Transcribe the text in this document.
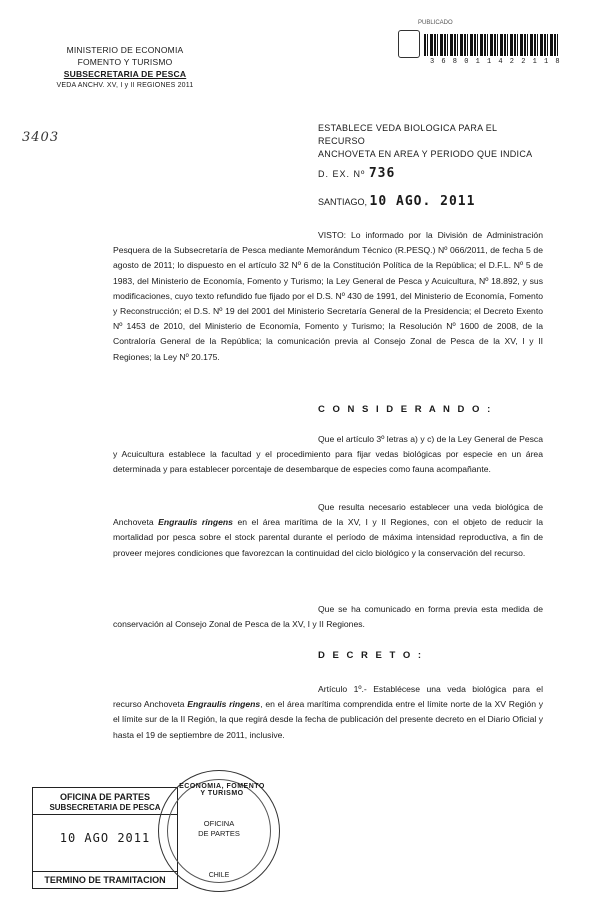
MINISTERIO DE ECONOMIA
FOMENTO Y TURISMO
SUBSECRETARIA DE PESCA
VEDA ANCHV. XV, I y II REGIONES 2011
3403
PUBLICADO
3 6 8 0 1 1 4 2 2 1 1 8
ESTABLECE VEDA BIOLOGICA PARA EL RECURSO
ANCHOVETA EN AREA Y PERIODO QUE INDICA
D. EX. Nº 736
SANTIAGO, 10 AGO. 2011
VISTO: Lo informado por la División de Administración Pesquera de la Subsecretaría de Pesca mediante Memorándum Técnico (R.PESQ.) Nº 066/2011, de fecha 5 de agosto de 2011; lo dispuesto en el artículo 32 Nº 6 de la Constitución Política de la República; el D.F.L. Nº 5 de 1983, del Ministerio de Economía, Fomento y Turismo; la Ley General de Pesca y Acuicultura, Nº 18.892, y sus modificaciones, cuyo texto refundido fue fijado por el D.S. Nº 430 de 1991, del Ministerio de Economía, Fomento y Reconstrucción; el D.S. Nº 19 del 2001 del Ministerio Secretaría General de la Presidencia; el Decreto Exento Nº 1453 de 2010, del Ministerio de Economía, Fomento y Turismo; la Resolución Nº 1600 de 2008, de la Contraloría General de la República; la comunicación previa al Consejo Zonal de Pesca de la XV, I y II Regiones; la Ley Nº 20.175.
C O N S I D E R A N D O :
Que el artículo 3º letras a) y c) de la Ley General de Pesca y Acuicultura establece la facultad y el procedimiento para fijar vedas biológicas por especie en un área determinada y para establecer porcentaje de desembarque de especies como fauna acompañante.
Que resulta necesario establecer una veda biológica de Anchoveta Engraulis ringens en el área marítima de la XV, I y II Regiones, con el objeto de reducir la mortalidad por pesca sobre el stock parental durante el período de máxima intensidad reproductiva, a fin de proveer mejores condiciones que favorezcan la continuidad del ciclo biológico y la conservación del recurso.
Que se ha comunicado en forma previa esta medida de conservación al Consejo Zonal de Pesca de la XV, I y II Regiones.
D E C R E T O :
Artículo 1º.- Establécese una veda biológica para el recurso Anchoveta Engraulis ringens, en el área marítima comprendida entre el límite norte de la XV Región y el límite sur de la II Región, la que regirá desde la fecha de publicación del presente decreto en el Diario Oficial y hasta el 19 de septiembre de 2011, inclusive.
OFICINA DE PARTES
SUBSECRETARIA DE PESCA
10 AGO 2011
TERMINO DE TRAMITACION
ECONOMIA, FOMENTO Y TURISMO
OFICINA
DE PARTES
CHILE
